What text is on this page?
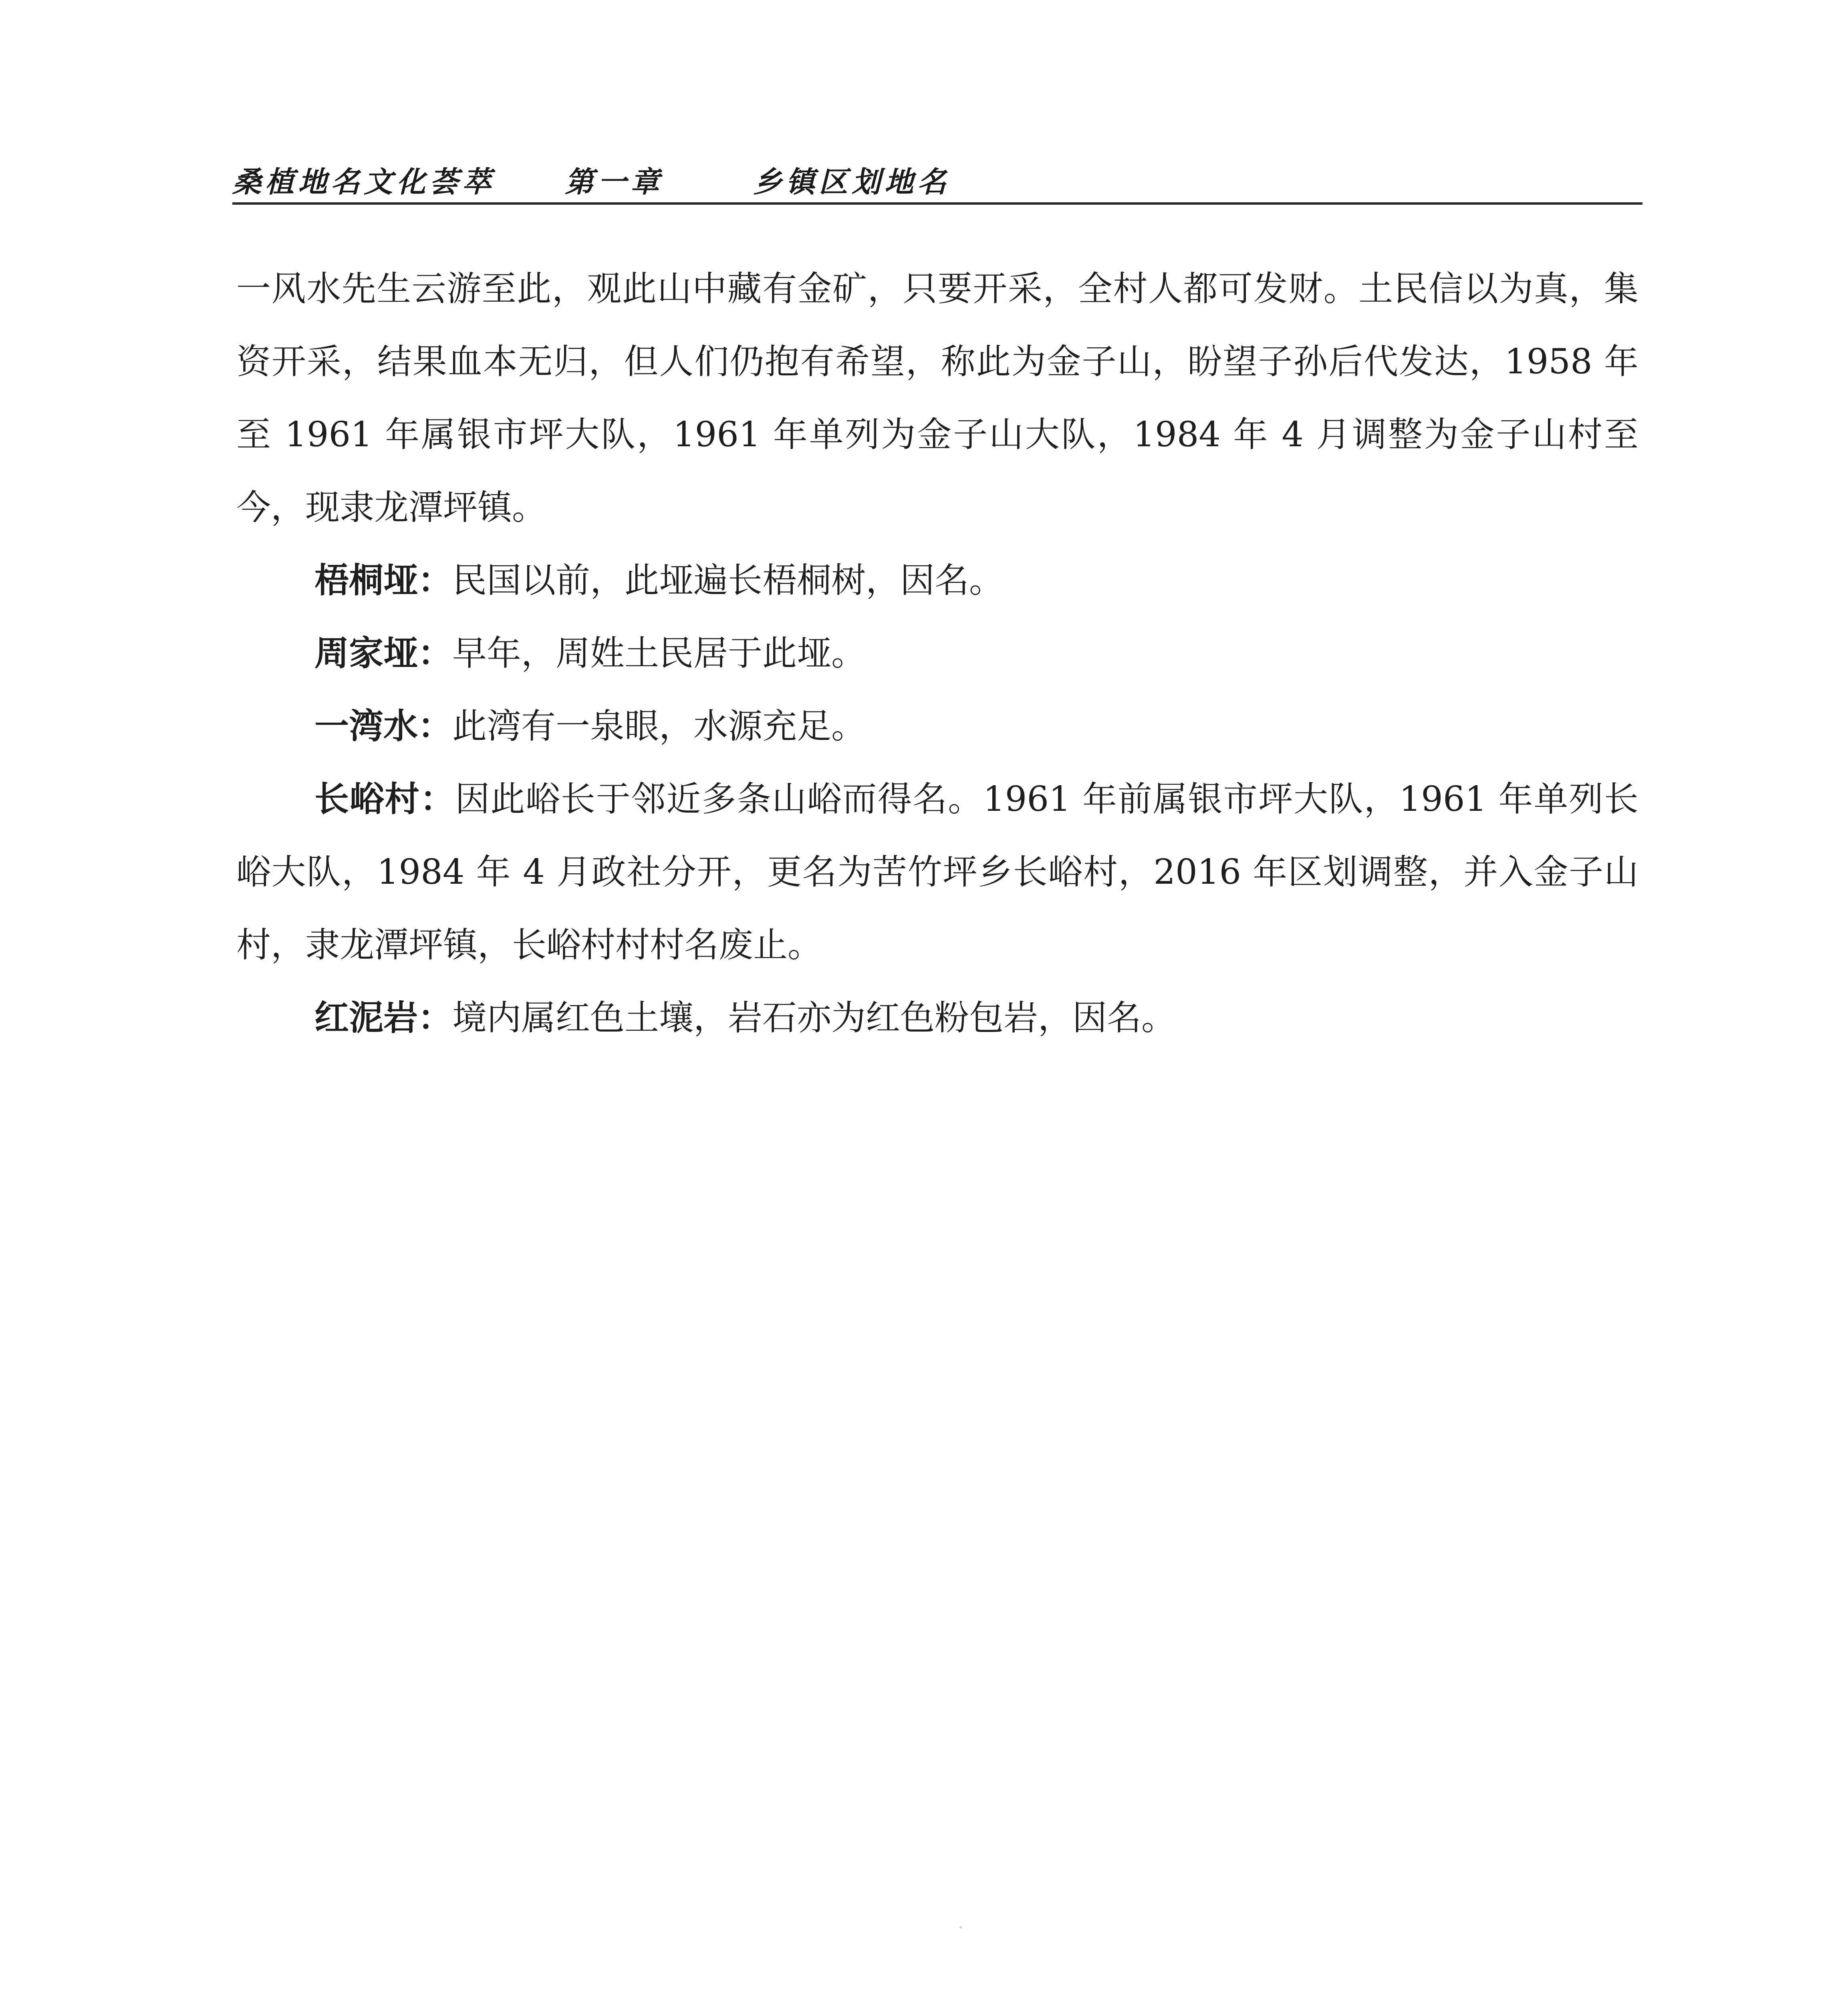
桑植地名文化荟萃	第一章	乡镇区划地名

一风水先生云游至此，观此山中藏有金矿，只要开采，全村人都可发财。土民信以为真，集资开采，结果血本无归，但人们仍抱有希望，称此为金子山，盼望子孙后代发达，1958 年至 1961 年属银市坪大队，1961 年单列为金子山大队，1984 年 4 月调整为金子山村至今，现隶龙潭坪镇。

梧桐垭：民国以前，此垭遍长梧桐树，因名。

周家垭：早年，周姓土民居于此垭。

一湾水：此湾有一泉眼，水源充足。

长峪村：因此峪长于邻近多条山峪而得名。1961 年前属银市坪大队，1961 年单列长峪大队，1984 年 4 月政社分开，更名为苦竹坪乡长峪村，2016 年区划调整，并入金子山村，隶龙潭坪镇，长峪村村村名废止。

红泥岩：境内属红色土壤，岩石亦为红色粉包岩，因名。
